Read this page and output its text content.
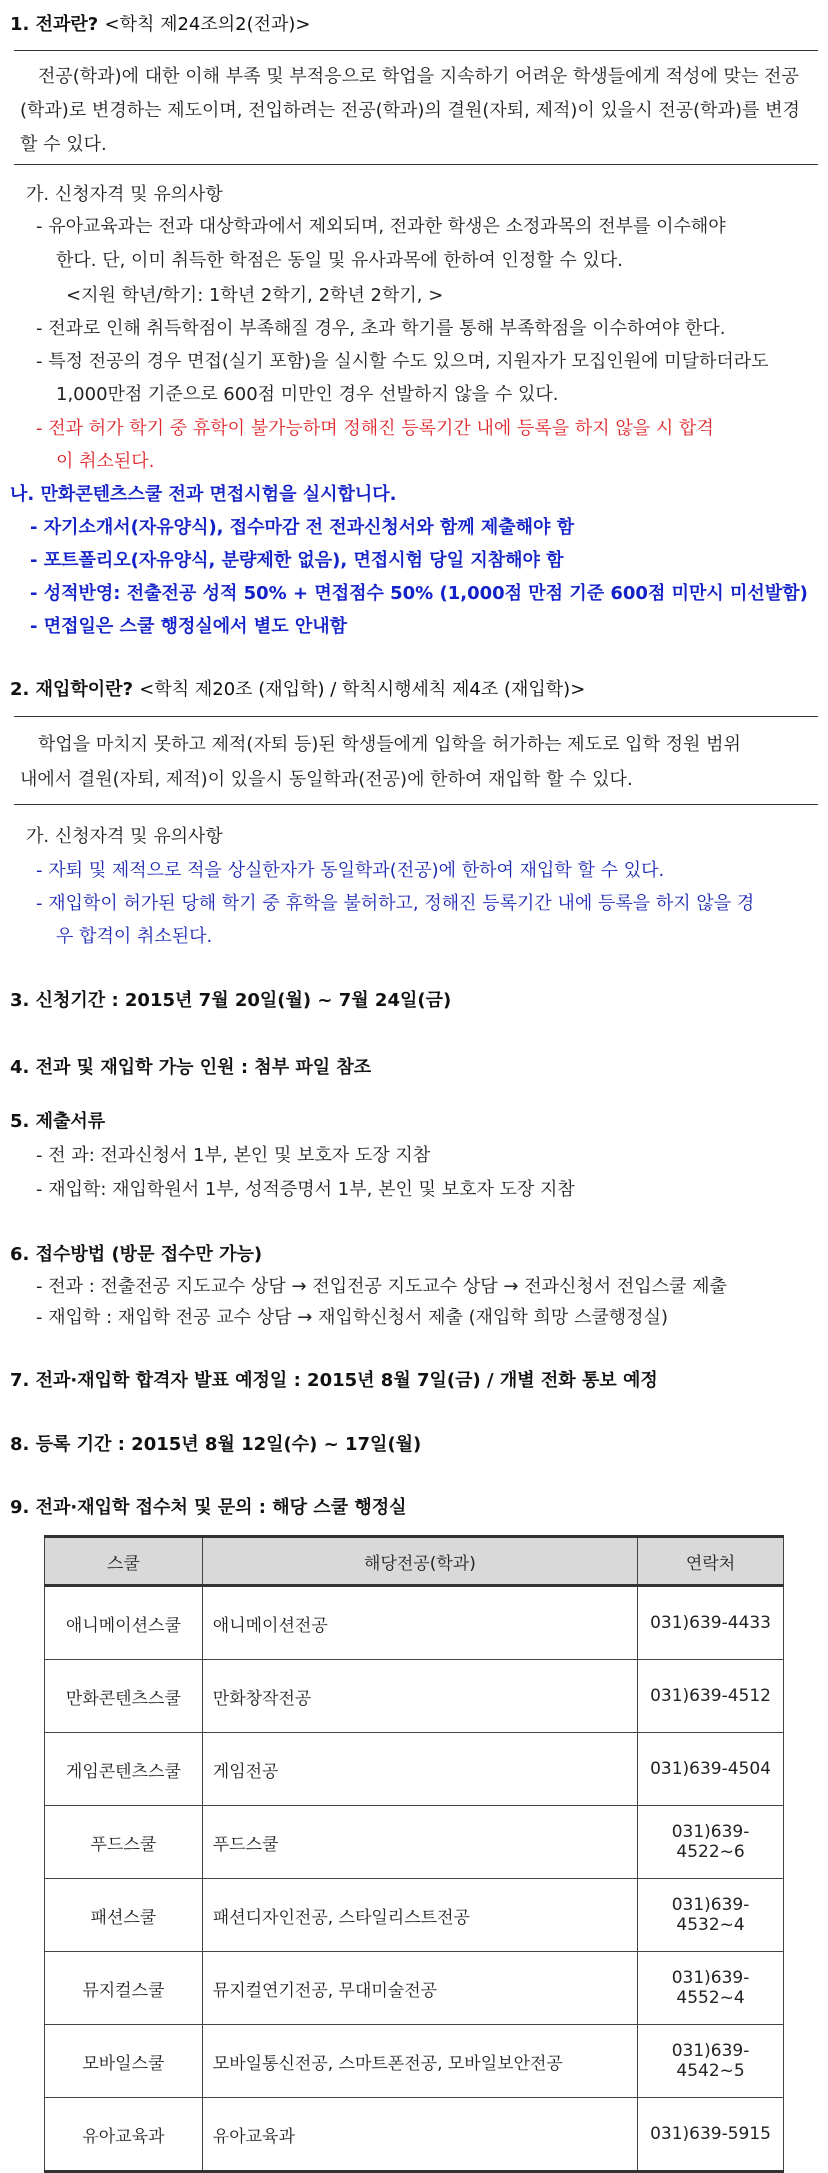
1. 전과란? <학칙 제24조의2(전과)>
전공(학과)에 대한 이해 부족 및 부적응으로 학업을 지속하기 어려운 학생들에게 적성에 맞는 전공
(학과)로 변경하는 제도이며, 전입하려는 전공(학과)의 결원(자퇴, 제적)이 있을시 전공(학과)를 변경
할 수 있다.
가. 신청자격 및 유의사항
- 유아교육과는 전과 대상학과에서 제외되며, 전과한 학생은 소정과목의 전부를 이수해야
한다. 단, 이미 취득한 학점은 동일 및 유사과목에 한하여 인정할 수 있다.
<지원 학년/학기: 1학년 2학기, 2학년 2학기, >
- 전과로 인해 취득학점이 부족해질 경우, 초과 학기를 통해 부족학점을 이수하여야 한다.
- 특정 전공의 경우 면접(실기 포함)을 실시할 수도 있으며, 지원자가 모집인원에 미달하더라도
1,000만점 기준으로 600점 미만인 경우 선발하지 않을 수 있다.
- 전과 허가 학기 중 휴학이 불가능하며 정해진 등록기간 내에 등록을 하지 않을 시 합격
이 취소된다.
나. 만화콘텐츠스쿨 전과 면접시험을 실시합니다.
- 자기소개서(자유양식), 접수마감 전 전과신청서와 함께 제출해야 함
- 포트폴리오(자유양식, 분량제한 없음), 면접시험 당일 지참해야 함
- 성적반영: 전출전공 성적 50% + 면접점수 50% (1,000점 만점 기준 600점 미만시 미선발함)
- 면접일은 스쿨 행정실에서 별도 안내함
2. 재입학이란? <학칙 제20조 (재입학) / 학칙시행세칙 제4조 (재입학)>
학업을 마치지 못하고 제적(자퇴 등)된 학생들에게 입학을 허가하는 제도로 입학 정원 범위
내에서 결원(자퇴, 제적)이 있을시 동일학과(전공)에 한하여 재입학 할 수 있다.
가. 신청자격 및 유의사항
- 자퇴 및 제적으로 적을 상실한자가 동일학과(전공)에 한하여 재입학 할 수 있다.
- 재입학이 허가된 당해 학기 중 휴학을 불허하고, 정해진 등록기간 내에 등록을 하지 않을 경
우 합격이 취소된다.
3. 신청기간 : 2015년 7월 20일(월) ~ 7월 24일(금)
4. 전과 및 재입학 가능 인원 : 첨부 파일 참조
5. 제출서류
- 전 과: 전과신청서 1부, 본인 및 보호자 도장 지참
- 재입학: 재입학원서 1부, 성적증명서 1부, 본인 및 보호자 도장 지참
6. 접수방법 (방문 접수만 가능)
- 전과 : 전출전공 지도교수 상담 → 전입전공 지도교수 상담 → 전과신청서 전입스쿨 제출
- 재입학 : 재입학 전공 교수 상담 → 재입학신청서 제출 (재입학 희망 스쿨행정실)
7. 전과·재입학 합격자 발표 예정일 : 2015년 8월 7일(금) / 개별 전화 통보 예정
8. 등록 기간 : 2015년 8월 12일(수) ~ 17일(월)
9. 전과·재입학 접수처 및 문의 : 해당 스쿨 행정실
스쿨	해당전공(학과)	연락처
애니메이션스쿨	애니메이션전공	031)639-4433
만화콘텐츠스쿨	만화창작전공	031)639-4512
게임콘텐츠스쿨	게임전공	031)639-4504
푸드스쿨	푸드스쿨	031)639-4522~6
패션스쿨	패션디자인전공, 스타일리스트전공	031)639-4532~4
뮤지컬스쿨	뮤지컬연기전공, 무대미술전공	031)639-4552~4
모바일스쿨	모바일통신전공, 스마트폰전공, 모바일보안전공	031)639-4542~5
유아교육과	유아교육과	031)639-5915
